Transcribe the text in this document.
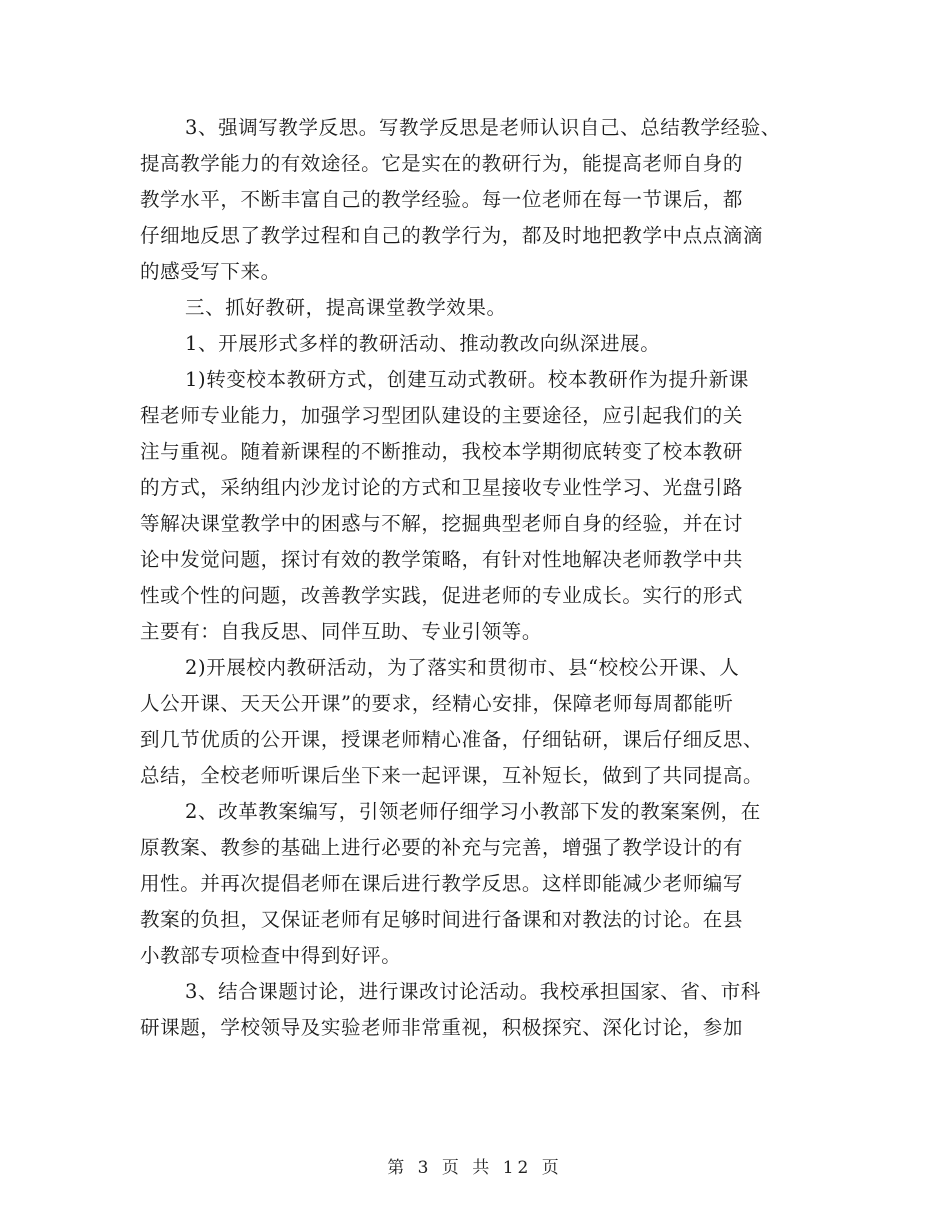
3、强调写教学反思。写教学反思是老师认识自己、总结教学经验、
提高教学能力的有效途径。它是实在的教研行为，能提高老师自身的
教学水平，不断丰富自己的教学经验。每一位老师在每一节课后，都
仔细地反思了教学过程和自己的教学行为，都及时地把教学中点点滴滴
的感受写下来。
三、抓好教研，提高课堂教学效果。
1、开展形式多样的教研活动、推动教改向纵深进展。
1)转变校本教研方式，创建互动式教研。校本教研作为提升新课
程老师专业能力，加强学习型团队建设的主要途径，应引起我们的关
注与重视。随着新课程的不断推动，我校本学期彻底转变了校本教研
的方式，采纳组内沙龙讨论的方式和卫星接收专业性学习、光盘引路
等解决课堂教学中的困惑与不解，挖掘典型老师自身的经验，并在讨
论中发觉问题，探讨有效的教学策略，有针对性地解决老师教学中共
性或个性的问题，改善教学实践，促进老师的专业成长。实行的形式
主要有：自我反思、同伴互助、专业引领等。
2)开展校内教研活动，为了落实和贯彻市、县“校校公开课、人
人公开课、天天公开课”的要求，经精心安排，保障老师每周都能听
到几节优质的公开课，授课老师精心准备，仔细钻研，课后仔细反思、
总结，全校老师听课后坐下来一起评课，互补短长，做到了共同提高。
2、改革教案编写，引领老师仔细学习小教部下发的教案案例，在
原教案、教参的基础上进行必要的补充与完善，增强了教学设计的有
用性。并再次提倡老师在课后进行教学反思。这样即能减少老师编写
教案的负担，又保证老师有足够时间进行备课和对教法的讨论。在县
小教部专项检查中得到好评。
3、结合课题讨论，进行课改讨论活动。我校承担国家、省、市科
研课题，学校领导及实验老师非常重视，积极探究、深化讨论，参加
第 3 页 共 12 页
